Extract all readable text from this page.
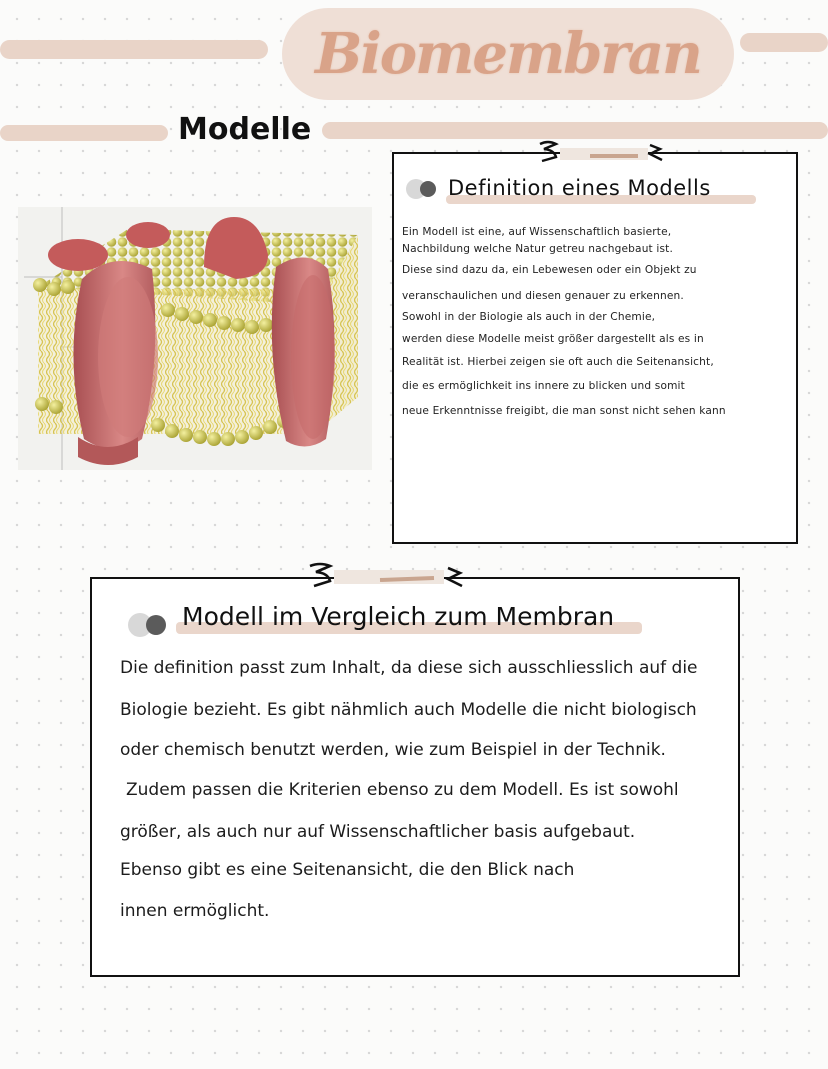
Biomembran
Modelle
Definition eines Modells
Ein Modell ist eine, auf Wissenschaftlich basierte,
Nachbildung welche Natur getreu nachgebaut ist.
Diese sind dazu da, ein Lebewesen oder ein Objekt zu
veranschaulichen und diesen genauer zu erkennen.
Sowohl in der Biologie als auch in der Chemie,
werden diese Modelle meist größer dargestellt als es in
Realität ist. Hierbei zeigen sie oft auch die Seitenansicht,
die es ermöglichkeit ins innere zu blicken und somit
neue Erkenntnisse freigibt, die man sonst nicht sehen kann
Modell im Vergleich zum Membran
Die definition passt zum Inhalt, da diese sich ausschliesslich auf die
Biologie bezieht. Es gibt nähmlich auch Modelle die nicht biologisch
oder chemisch benutzt werden, wie zum Beispiel in der Technik.
Zudem passen die Kriterien ebenso zu dem Modell. Es ist sowohl
größer, als auch nur auf Wissenschaftlicher basis aufgebaut.
Ebenso gibt es eine Seitenansicht, die den Blick nach
innen ermöglicht.
